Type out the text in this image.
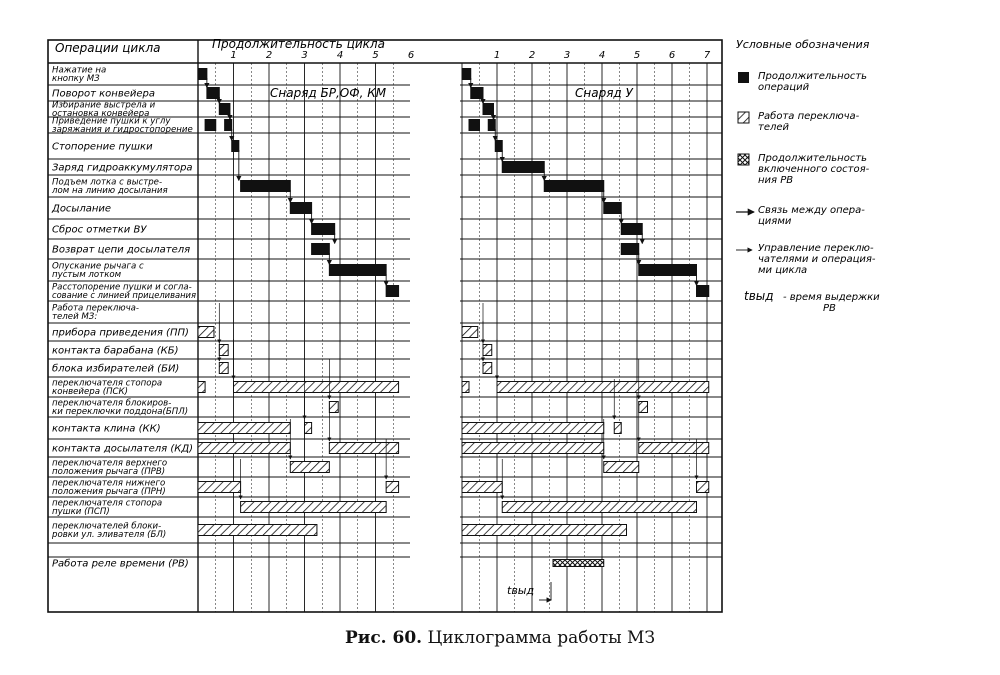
1	2	3	4	5	6	1	2	3	4	5	6	7
Нажатие на
кнопку МЗ
Поворот конвейера
Избирание выстрела и
остановка конвейера
Приведение пушки к углу
заряжания и гидростопорение
Стопорение пушки
Заряд гидроаккумулятора
Подъем лотка с выстре-
лом на линию досылания
Досылание
Сброс отметки ВУ
Возврат цепи досылателя
Опускание рычага с
пустым лотком
Расстопорение пушки и согла-
сование с линией прицеливания
Работа переключа-
телей МЗ:
прибора приведения (ПП)
контакта барабана (КБ)
блока избирателей (БИ)
переключателя стопора
конвейера (ПСК)
переключателя блокиров-
ки переключки поддона(БПЛ)
контакта клина (КК)
контакта досылателя (КД)
переключателя верхнего
положения рычага (ПРВ)
переключателя нижнего
положения рычага (ПРН)
переключателя стопора
пушки (ПСП)
переключателей блоки-
ровки ул. эливателя (БЛ)
Работа реле времени (РВ)
Операции цикла	Продолжительность цикла
Снаряд БР,ОФ, КМ	Снаряд У
tвыд
Условные обозначения
Продолжительность
операций
Работа переключа-
телей
Продолжительность
включенного состоя-
ния РВ
Связь между опера-
циями
Управление переклю-
чателями и операция-
ми цикла
tвыд - время выдержки
РВ
Рис. 60. Циклограмма работы МЗ
